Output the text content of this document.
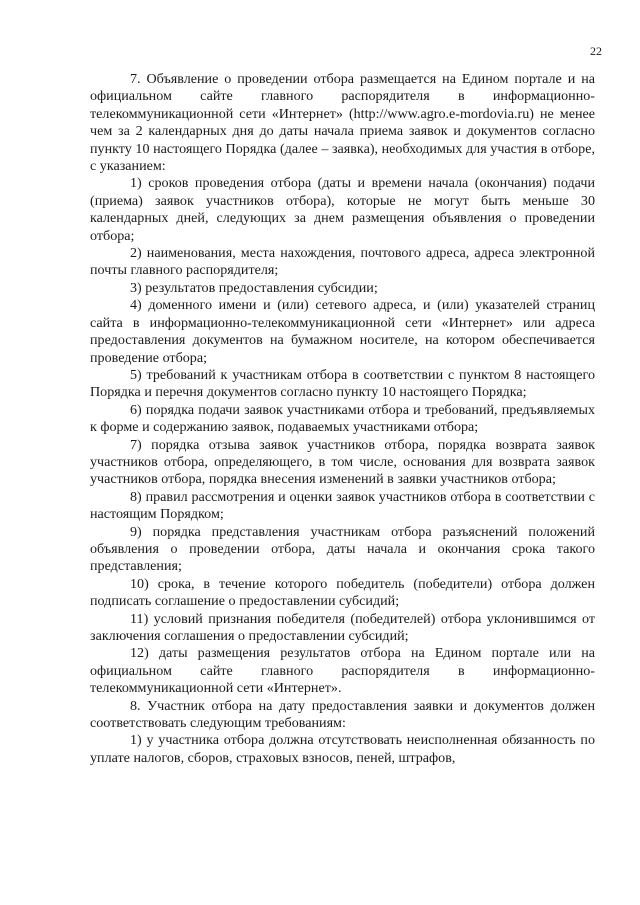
22

7. Объявление о проведении отбора размещается на Едином портале и на официальном сайте главного распорядителя в информационно-телекоммуникационной сети «Интернет» (http://www.agro.e-mordovia.ru) не менее чем за 2 календарных дня до даты начала приема заявок и документов согласно пункту 10 настоящего Порядка (далее – заявка), необходимых для участия в отборе, с указанием:

1) сроков проведения отбора (даты и времени начала (окончания) подачи (приема) заявок участников отбора), которые не могут быть меньше 30 календарных дней, следующих за днем размещения объявления о проведении отбора;

2) наименования, места нахождения, почтового адреса, адреса электронной почты главного распорядителя;

3) результатов предоставления субсидии;

4) доменного имени и (или) сетевого адреса, и (или) указателей страниц сайта в информационно-телекоммуникационной сети «Интернет» или адреса предоставления документов на бумажном носителе, на котором обеспечивается проведение отбора;

5) требований к участникам отбора в соответствии с пунктом 8 настоящего Порядка и перечня документов согласно пункту 10 настоящего Порядка;

6) порядка подачи заявок участниками отбора и требований, предъявляемых к форме и содержанию заявок, подаваемых участниками отбора;

7) порядка отзыва заявок участников отбора, порядка возврата заявок участников отбора, определяющего, в том числе, основания для возврата заявок участников отбора, порядка внесения изменений в заявки участников отбора;

8) правил рассмотрения и оценки заявок участников отбора в соответствии с настоящим Порядком;

9) порядка представления участникам отбора разъяснений положений объявления о проведении отбора, даты начала и окончания срока такого представления;

10) срока, в течение которого победитель (победители) отбора должен подписать соглашение о предоставлении субсидий;

11) условий признания победителя (победителей) отбора уклонившимся от заключения соглашения о предоставлении субсидий;

12) даты размещения результатов отбора на Едином портале или на официальном сайте главного распорядителя в информационно-телекоммуникационной сети «Интернет».

8. Участник отбора на дату предоставления заявки и документов должен соответствовать следующим требованиям:

1) у участника отбора должна отсутствовать неисполненная обязанность по уплате налогов, сборов, страховых взносов, пеней, штрафов,
